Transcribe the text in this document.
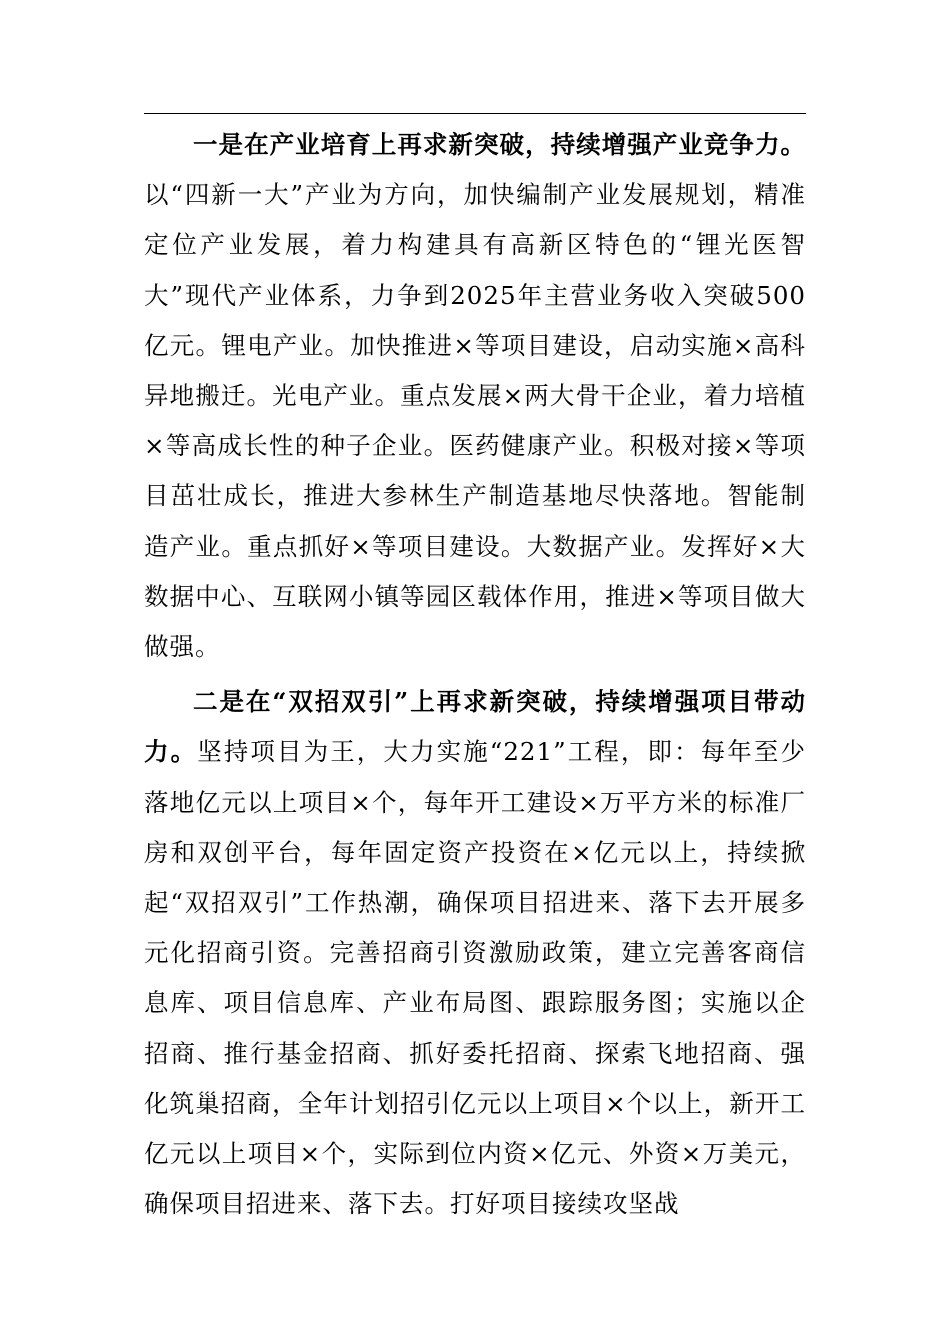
一是在产业培育上再求新突破，持续增强产业竞争力。以“四新一大”产业为方向，加快编制产业发展规划，精准定位产业发展，着力构建具有高新区特色的“锂光医智大”现代产业体系，力争到2025年主营业务收入突破500亿元。锂电产业。加快推进×等项目建设，启动实施×高科异地搬迁。光电产业。重点发展×两大骨干企业，着力培植×等高成长性的种子企业。医药健康产业。积极对接×等项目茁壮成长，推进大参林生产制造基地尽快落地。智能制造产业。重点抓好×等项目建设。大数据产业。发挥好×大数据中心、互联网小镇等园区载体作用，推进×等项目做大做强。

二是在“双招双引”上再求新突破，持续增强项目带动力。坚持项目为王，大力实施“221”工程，即：每年至少落地亿元以上项目×个，每年开工建设×万平方米的标准厂房和双创平台，每年固定资产投资在×亿元以上，持续掀起“双招双引”工作热潮，确保项目招进来、落下去开展多元化招商引资。完善招商引资激励政策，建立完善客商信息库、项目信息库、产业布局图、跟踪服务图；实施以企招商、推行基金招商、抓好委托招商、探索飞地招商、强化筑巢招商，全年计划招引亿元以上项目×个以上，新开工亿元以上项目×个，实际到位内资×亿元、外资×万美元，确保项目招进来、落下去。打好项目接续攻坚战
